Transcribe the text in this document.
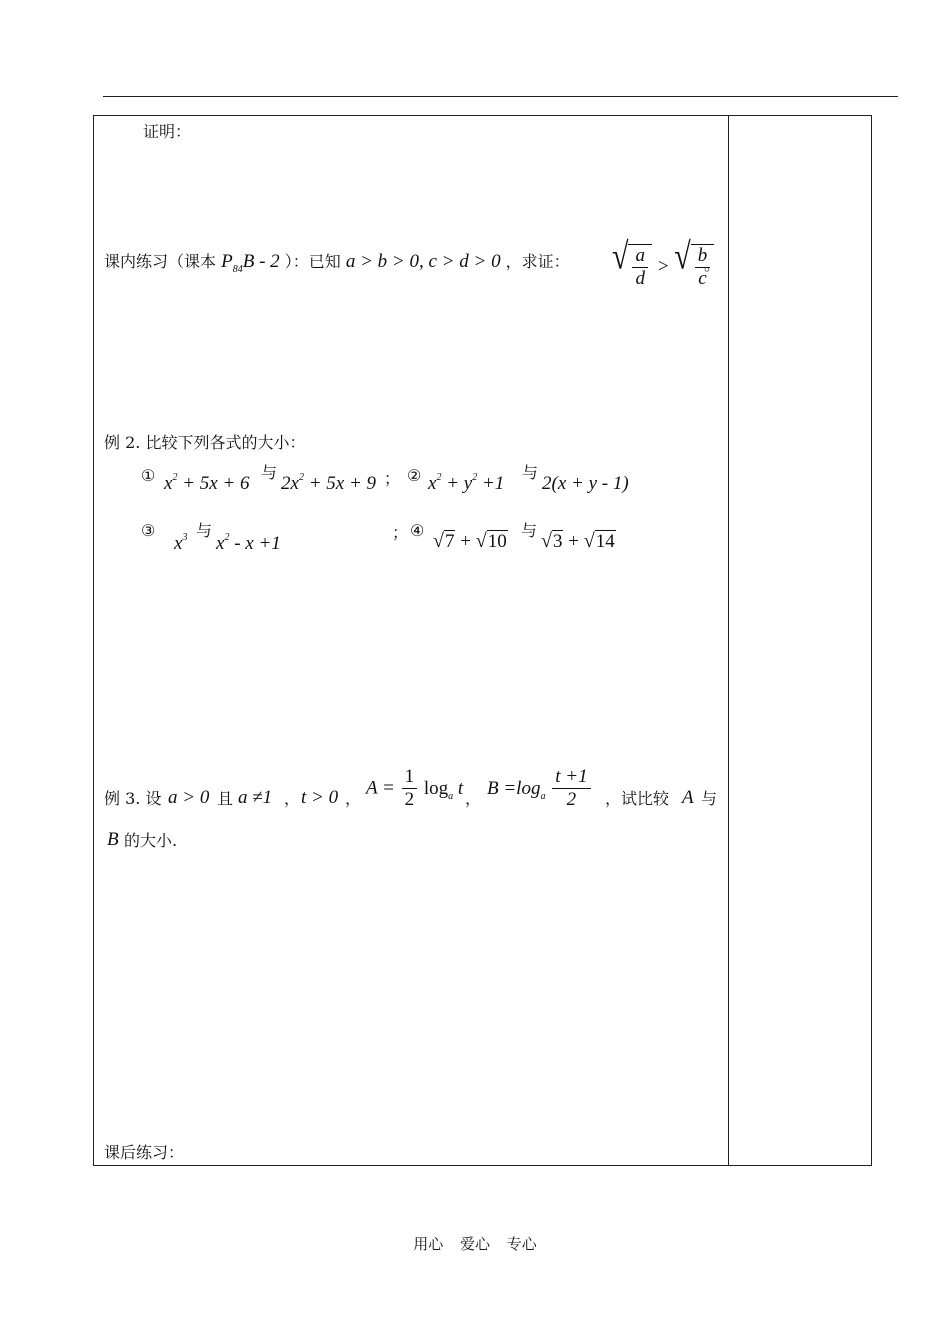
证明：
课内练习（课本 $P_{84}B - 2$ ）：已知 a > b > 0, c > d > 0 ，求证： √ $\frac{a}{d}$ > √ $\frac{b}{c}$
。
例 2. 比较下列各式的大小：
① $x^2 + 5x + 6$
与
$2x^2 + 5x + 9$ ； ② $x^2 + y^2 +1$
与
2(x + y - 1)
③
$x^3$ 与
$x^2 - x +1$
； ④ √7 + √10
与 √3 + √14
例 3. 设 a > 0 且 a ≠1 ， t > 0 ， $A = \frac{1}{2} \log_a t$ ， $B =\log_a \frac{t +1}{2}$ ，试比较 A 与
B 的大小.
课后练习：
用心 爱心 专心
